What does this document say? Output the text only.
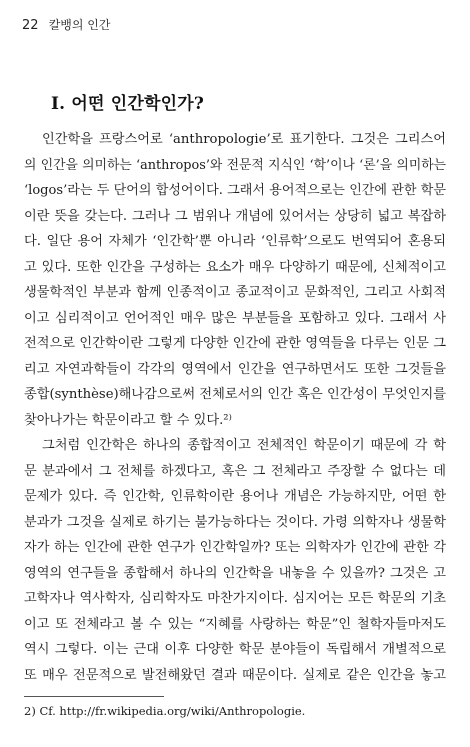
22 칼뱅의 인간
I. 어떤 인간학인가?
인간학을 프랑스어로 ‘anthropologie’로 표기한다. 그것은 그리스어
의 인간을 의미하는 ‘anthropos’와 전문적 지식인 ‘학’이나 ‘론’을 의미하는
‘logos’라는 두 단어의 합성어이다. 그래서 용어적으로는 인간에 관한 학문
이란 뜻을 갖는다. 그러나 그 범위나 개념에 있어서는 상당히 넓고 복잡하
다. 일단 용어 자체가 ‘인간학’뿐 아니라 ‘인류학’으로도 번역되어 혼용되
고 있다. 또한 인간을 구성하는 요소가 매우 다양하기 때문에, 신체적이고
생물학적인 부분과 함께 인종적이고 종교적이고 문화적인, 그리고 사회적
이고 심리적이고 언어적인 매우 많은 부분들을 포함하고 있다. 그래서 사
전적으로 인간학이란 그렇게 다양한 인간에 관한 영역들을 다루는 인문 그
리고 자연과학들이 각각의 영역에서 인간을 연구하면서도 또한 그것들을
종합(synthèse)해나감으로써 전체로서의 인간 혹은 인간성이 무엇인지를
찾아나가는 학문이라고 할 수 있다.²⁾
그처럼 인간학은 하나의 종합적이고 전체적인 학문이기 때문에 각 학
문 분과에서 그 전체를 하겠다고, 혹은 그 전체라고 주장할 수 없다는 데
문제가 있다. 즉 인간학, 인류학이란 용어나 개념은 가능하지만, 어떤 한
분과가 그것을 실제로 하기는 불가능하다는 것이다. 가령 의학자나 생물학
자가 하는 인간에 관한 연구가 인간학일까? 또는 의학자가 인간에 관한 각
영역의 연구들을 종합해서 하나의 인간학을 내놓을 수 있을까? 그것은 고
고학자나 역사학자, 심리학자도 마찬가지이다. 심지어는 모든 학문의 기초
이고 또 전체라고 볼 수 있는 “지혜를 사랑하는 학문”인 철학자들마저도
역시 그렇다. 이는 근대 이후 다양한 학문 분야들이 독립해서 개별적으로
또 매우 전문적으로 발전해왔던 결과 때문이다. 실제로 같은 인간을 놓고
2) Cf. http://fr.wikipedia.org/wiki/Anthropologie.
